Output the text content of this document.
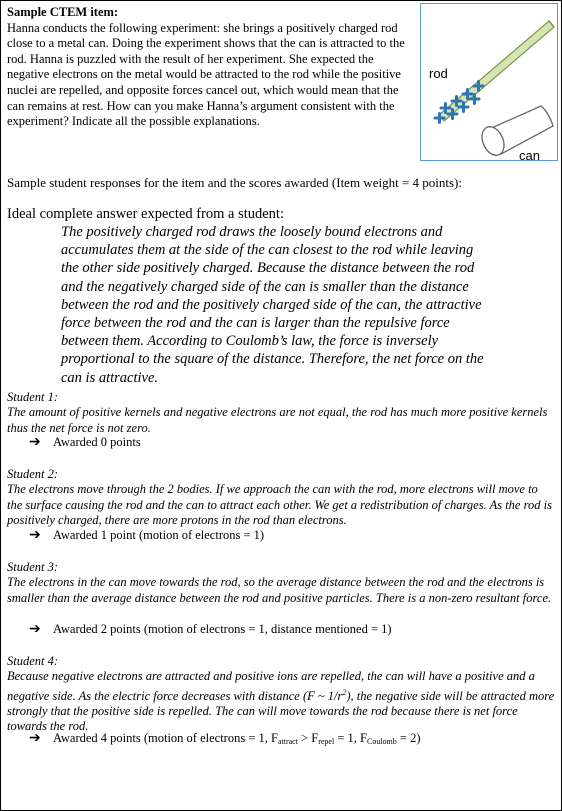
Sample CTEM item:
Hanna conducts the following experiment: she brings a positively charged rod close to a metal can. Doing the experiment shows that the can is attracted to the rod. Hanna is puzzled with the result of her experiment. She expected the negative electrons on the metal would be attracted to the rod while the positive nuclei are repelled, and opposite forces cancel out, which would mean that the can remains at rest. How can you make Hanna’s argument consistent with the experiment? Indicate all the possible explanations.
rod
can
Sample student responses for the item and the scores awarded (Item weight = 4 points):
Ideal complete answer expected from a student:
The positively charged rod draws the loosely bound electrons and accumulates them at the side of the can closest to the rod while leaving the other side positively charged. Because the distance between the rod and the negatively charged side of the can is smaller than the distance between the rod and the positively charged side of the can, the attractive force between the rod and the can is larger than the repulsive force between them. According to Coulomb’s law, the force is inversely proportional to the square of the distance. Therefore, the net force on the can is attractive.
Student 1:
The amount of positive kernels and negative electrons are not equal, the rod has much more positive kernels thus the net force is not zero.
➔ Awarded 0 points
Student 2:
The electrons move through the 2 bodies. If we approach the can with the rod, more electrons will move to the surface causing the rod and the can to attract each other. We get a redistribution of charges. As the rod is positively charged, there are more protons in the rod than electrons.
➔ Awarded 1 point (motion of electrons = 1)
Student 3:
The electrons in the can move towards the rod, so the average distance between the rod and the electrons is smaller than the average distance between the rod and positive particles. There is a non-zero resultant force.
➔ Awarded 2 points (motion of electrons = 1, distance mentioned = 1)
Student 4:
Because negative electrons are attracted and positive ions are repelled, the can will have a positive and a negative side. As the electric force decreases with distance (F ~ $1/r^2$), the negative side will be attracted more strongly that the positive side is repelled. The can will move towards the rod because there is net force towards the rod.
➔ Awarded 4 points (motion of electrons = 1, $F_{attract} > F_{repel} = 1$, $F_{Coulomb} = 2$)
